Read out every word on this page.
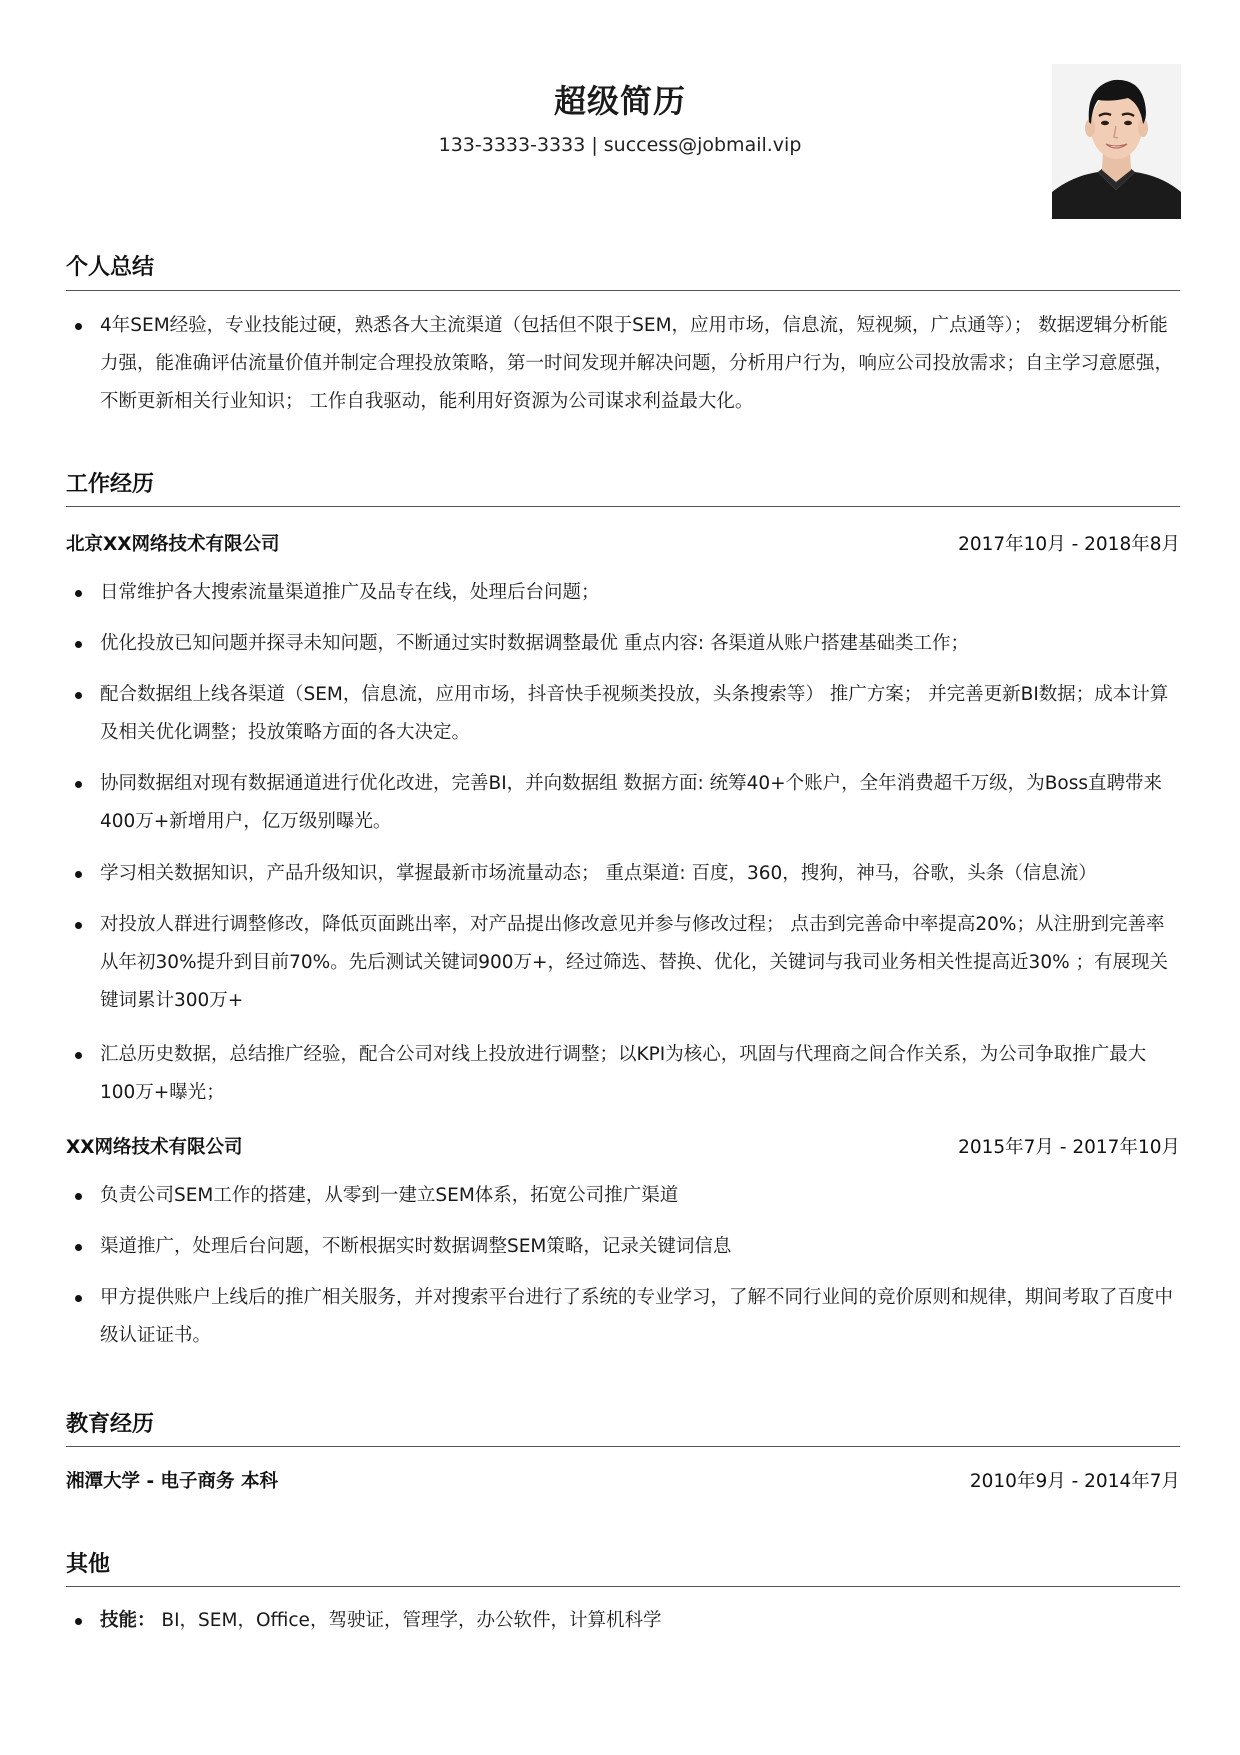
超级简历
133-3333-3333 | success@jobmail.vip
个人总结
4年SEM经验，专业技能过硬，熟悉各大主流渠道（包括但不限于SEM，应用市场，信息流，短视频，广点通等）； 数据逻辑分析能力强，能准确评估流量价值并制定合理投放策略，第一时间发现并解决问题，分析用户行为，响应公司投放需求；自主学习意愿强，不断更新相关行业知识； 工作自我驱动，能利用好资源为公司谋求利益最大化。
工作经历
北京XX网络技术有限公司	2017年10月 - 2018年8月
日常维护各大搜索流量渠道推广及品专在线，处理后台问题；
优化投放已知问题并探寻未知问题，不断通过实时数据调整最优 重点内容: 各渠道从账户搭建基础类工作；
配合数据组上线各渠道（SEM，信息流，应用市场，抖音快手视频类投放，头条搜索等） 推广方案； 并完善更新BI数据；成本计算及相关优化调整；投放策略方面的各大决定。
协同数据组对现有数据通道进行优化改进，完善BI，并向数据组 数据方面: 统筹40+个账户，全年消费超千万级，为Boss直聘带来400万+新增用户，亿万级别曝光。
学习相关数据知识，产品升级知识，掌握最新市场流量动态； 重点渠道: 百度，360，搜狗，神马，谷歌，头条（信息流）
对投放人群进行调整修改，降低页面跳出率，对产品提出修改意见并参与修改过程； 点击到完善命中率提高20%；从注册到完善率从年初30%提升到目前70%。先后测试关键词900万+，经过筛选、替换、优化，关键词与我司业务相关性提高近30% ；有展现关键词累计300万+
汇总历史数据，总结推广经验，配合公司对线上投放进行调整；以KPI为核心，巩固与代理商之间合作关系，为公司争取推广最大 100万+曝光；
XX网络技术有限公司	2015年7月 - 2017年10月
负责公司SEM工作的搭建，从零到一建立SEM体系，拓宽公司推广渠道
渠道推广，处理后台问题，不断根据实时数据调整SEM策略，记录关键词信息
甲方提供账户上线后的推广相关服务，并对搜索平台进行了系统的专业学习，了解不同行业间的竞价原则和规律，期间考取了百度中级认证证书。
教育经历
湘潭大学 - 电子商务 本科	2010年9月 - 2014年7月
其他
技能： BI，SEM，Office，驾驶证，管理学，办公软件，计算机科学
